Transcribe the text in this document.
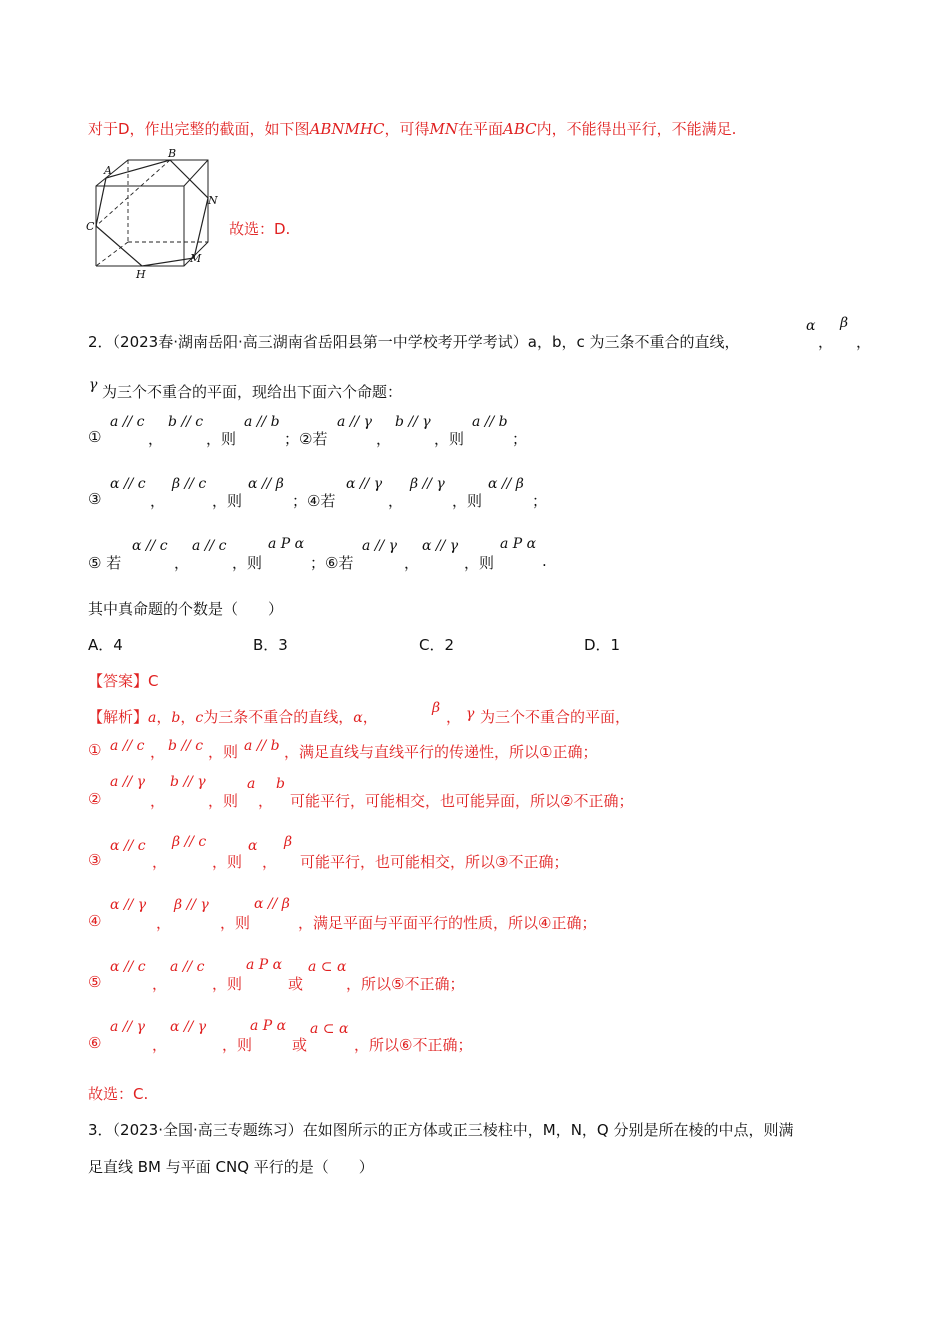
对于D，作出完整的截面，如下图ABNMHC，可得MN在平面ABC内，不能得出平行，不能满足.
A
B
C
N
H
M
故选：D.
2．（2023春·湖南岳阳·高三湖南省岳阳县第一中学校考开学考试）a，b，c 为三条不重合的直线，
α
，
β
，
γ 为三个不重合的平面，现给出下面六个命题：
①
a // c
，
b // c
，则
a // b
；②若
a // γ
，
b // γ
，则
a // b
；
③
α // c
，
β // c
，则
α // β
；④若
α // γ
，
β // γ
，则
α // β
；
⑤ 若
α // c
，
a // c
，则
a P α
；⑥若
a // γ
，
α // γ
，则
a P α
.
其中真命题的个数是（　　）
A．4	B．3	C．2	D．1
【答案】C
【解析】a，b，c为三条不重合的直线，α，	β ， γ 为三个不重合的平面，
① a // c ， b // c ，则 a // b ，满足直线与直线平行的传递性，所以①正确；
②
a // γ
，
b // γ
，则
a
，
b
可能平行，可能相交，也可能异面，所以②不正确；
③
α // c
，
β // c
，则
α
，
β
可能平行，也可能相交，所以③不正确；
④
α // γ
，
β // γ
，则
α // β
，满足平面与平面平行的性质，所以④正确；
⑤
α // c
，
a // c
，则
a P α
或
a ⊂ α
，所以⑤不正确；
⑥
a // γ
，
α // γ
，则
a P α
或
a ⊂ α
，所以⑥不正确；
故选：C.
3．（2023·全国·高三专题练习）在如图所示的正方体或正三棱柱中，M，N，Q 分别是所在棱的中点，则满
足直线 BM 与平面 CNQ 平行的是（　　）
